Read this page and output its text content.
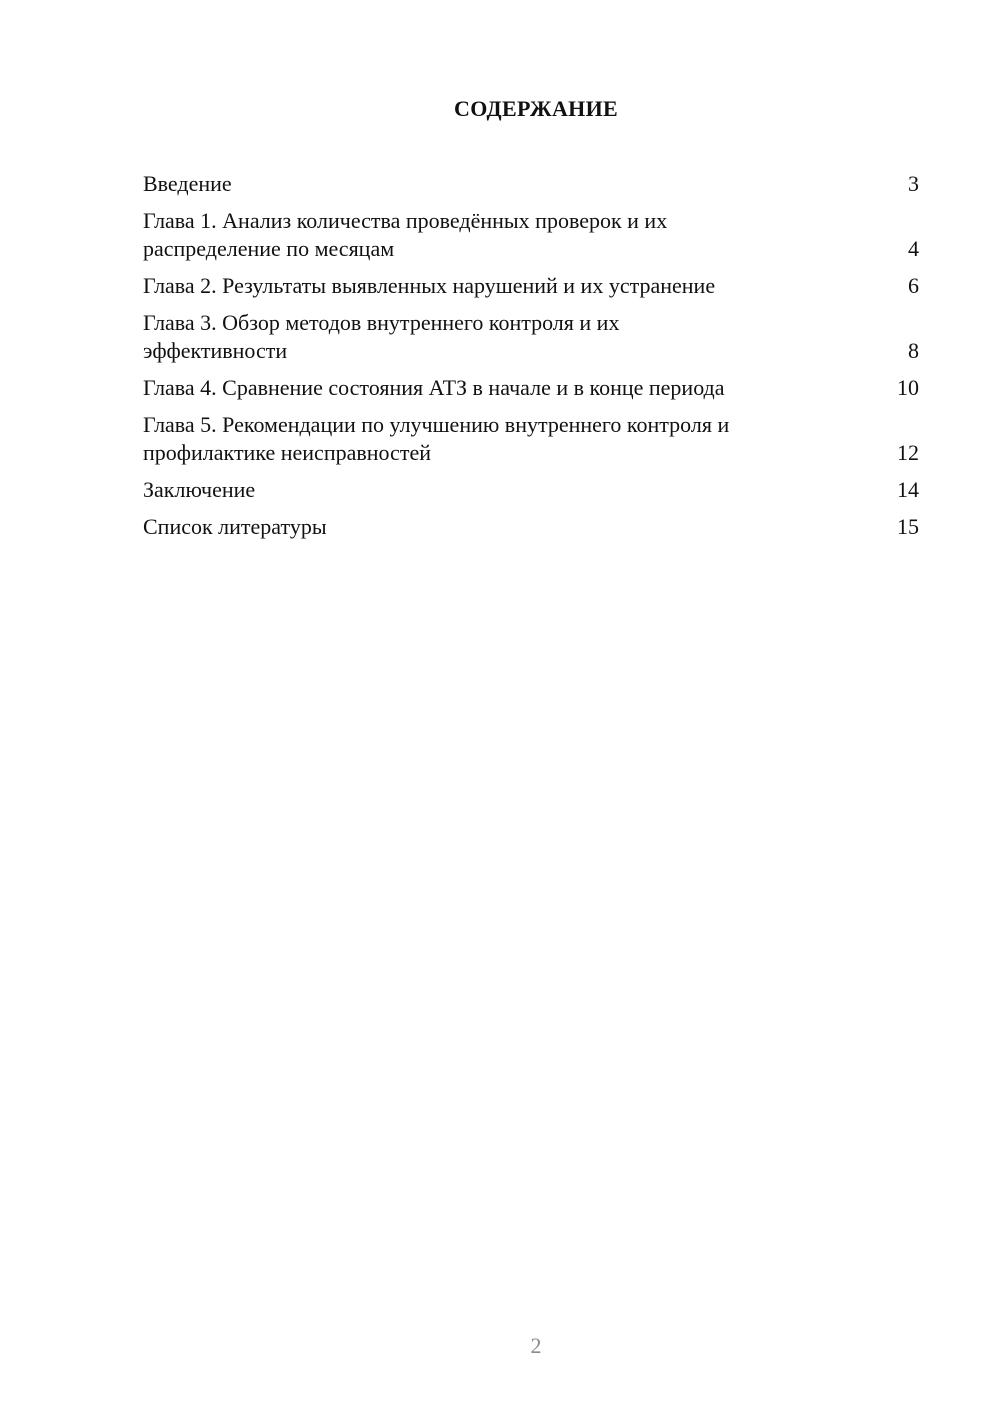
СОДЕРЖАНИЕ
Введение	3
Глава 1. Анализ количества проведённых проверок и их распределение по месяцам	4
Глава 2. Результаты выявленных нарушений и их устранение	6
Глава 3. Обзор методов внутреннего контроля и их эффективности	8
Глава 4. Сравнение состояния АТЗ в начале и в конце периода	10
Глава 5. Рекомендации по улучшению внутреннего контроля и профилактике неисправностей	12
Заключение	14
Список литературы	15
2
